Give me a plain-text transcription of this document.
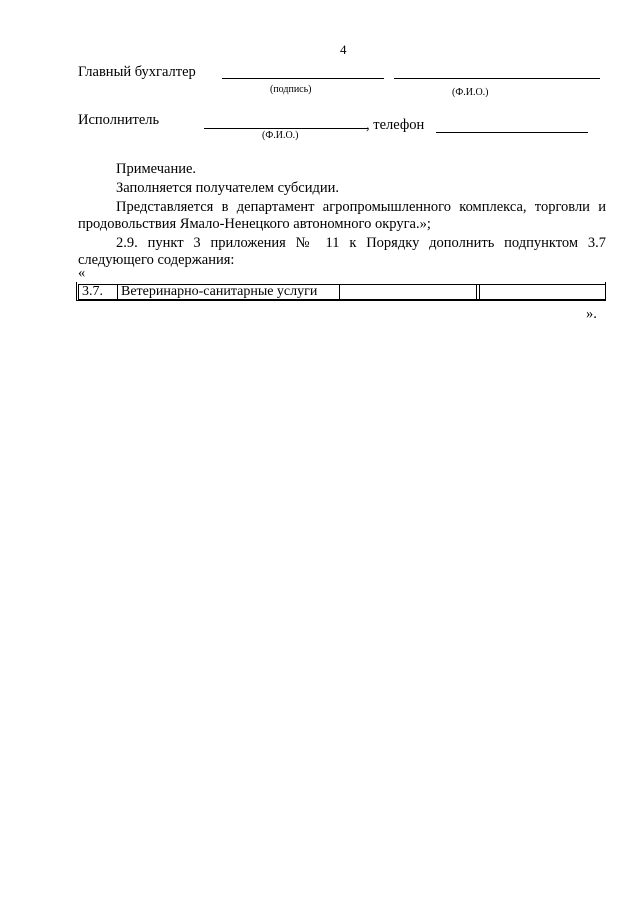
4
Главный бухгалтер
(подпись)	(Ф.И.О.)
Исполнитель	, телефон
(Ф.И.О.)
Примечание.
Заполняется получателем субсидии.
Представляется в департамент агропромышленного комплекса, торговли и продовольствия Ямало-Ненецкого автономного округа.»;
2.9. пункт 3 приложения № 11 к Порядку дополнить подпунктом 3.7 следующего содержания:
«
3.7.	Ветеринарно-санитарные услуги			
».
